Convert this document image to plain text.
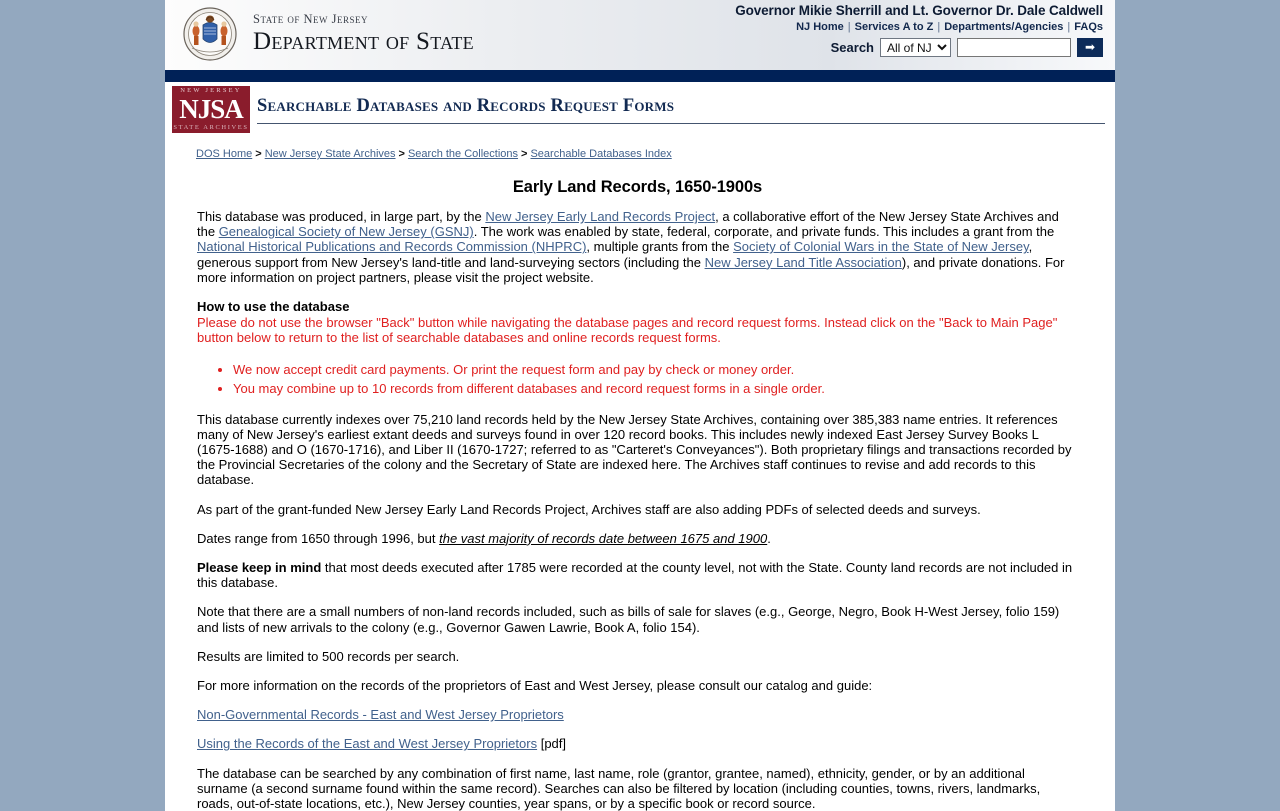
State of New Jersey
Department of State
Governor Mikie Sherrill and Lt. Governor Dr. Dale Caldwell
NJ Home | Services A to Z | Departments/Agencies | FAQs
Search
All of NJ	➡
NEW JERSEY
NJSA
STATE ARCHIVES
Searchable Databases and Records Request Forms
DOS Home > New Jersey State Archives > Search the Collections > Searchable Databases Index
Early Land Records, 1650-1900s

This database was produced, in large part, by the New Jersey Early Land Records Project, a collaborative effort of the New Jersey State Archives and the Genealogical Society of New Jersey (GSNJ). The work was enabled by state, federal, corporate, and private funds. This includes a grant from the National Historical Publications and Records Commission (NHPRC), multiple grants from the Society of Colonial Wars in the State of New Jersey, generous support from New Jersey's land-title and land-surveying sectors (including the New Jersey Land Title Association), and private donations. For more information on project partners, please visit the project website.

How to use the database

Please do not use the browser "Back" button while navigating the database pages and record request forms. Instead click on the "Back to Main Page" button below to return to the list of searchable databases and online records request forms.

• We now accept credit card payments. Or print the request form and pay by check or money order.
• You may combine up to 10 records from different databases and record request forms in a single order.

This database currently indexes over 75,210 land records held by the New Jersey State Archives, containing over 385,383 name entries. It references many of New Jersey's earliest extant deeds and surveys found in over 120 record books. This includes newly indexed East Jersey Survey Books L (1675-1688) and O (1670-1716), and Liber II (1670-1727; referred to as "Carteret's Conveyances"). Both proprietary filings and transactions recorded by the Provincial Secretaries of the colony and the Secretary of State are indexed here. The Archives staff continues to revise and add records to this database.

As part of the grant-funded New Jersey Early Land Records Project, Archives staff are also adding PDFs of selected deeds and surveys.

Dates range from 1650 through 1996, but the vast majority of records date between 1675 and 1900.

Please keep in mind that most deeds executed after 1785 were recorded at the county level, not with the State. County land records are not included in this database.

Note that there are a small numbers of non-land records included, such as bills of sale for slaves (e.g., George, Negro, Book H-West Jersey, folio 159) and lists of new arrivals to the colony (e.g., Governor Gawen Lawrie, Book A, folio 154).

Results are limited to 500 records per search.

For more information on the records of the proprietors of East and West Jersey, please consult our catalog and guide:

Non-Governmental Records - East and West Jersey Proprietors

Using the Records of the East and West Jersey Proprietors [pdf]

The database can be searched by any combination of first name, last name, role (grantor, grantee, named), ethnicity, gender, or by an additional surname (a second surname found within the same record). Searches can also be filtered by location (including counties, towns, rivers, landmarks, roads, out-of-state locations, etc.), New Jersey counties, year spans, or by a specific book or record source.
